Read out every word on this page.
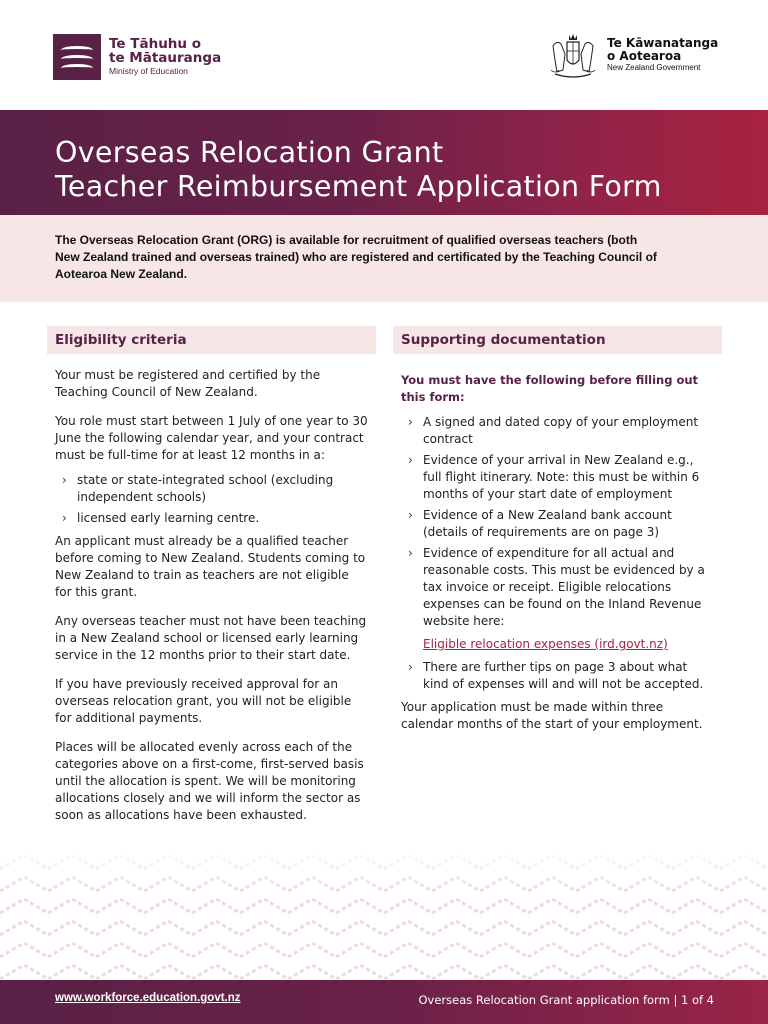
Te Tāhuhu o
te Mātauranga
Ministry of Education
Te Kāwanatanga
o Aotearoa
New Zealand Government
Overseas Relocation Grant
Teacher Reimbursement Application Form

The Overseas Relocation Grant (ORG) is available for recruitment of qualified overseas teachers (both New Zealand trained and overseas trained) who are registered and certificated by the Teaching Council of Aotearoa New Zealand.

Eligibility criteria

Your must be registered and certified by the Teaching Council of New Zealand.

You role must start between 1 July of one year to 30 June the following calendar year, and your contract must be full-time for at least 12 months in a:

› state or state-integrated school (excluding independent schools)
› licensed early learning centre.

An applicant must already be a qualified teacher before coming to New Zealand. Students coming to New Zealand to train as teachers are not eligible for this grant.

Any overseas teacher must not have been teaching in a New Zealand school or licensed early learning service in the 12 months prior to their start date.

If you have previously received approval for an overseas relocation grant, you will not be eligible for additional payments.

Places will be allocated evenly across each of the categories above on a first-come, first-served basis until the allocation is spent. We will be monitoring allocations closely and we will inform the sector as soon as allocations have been exhausted.

Supporting documentation

You must have the following before filling out this form:

› A signed and dated copy of your employment contract
› Evidence of your arrival in New Zealand e.g., full flight itinerary. Note: this must be within 6 months of your start date of employment
› Evidence of a New Zealand bank account (details of requirements are on page 3)
› Evidence of expenditure for all actual and reasonable costs. This must be evidenced by a tax invoice or receipt. Eligible relocations expenses can be found on the Inland Revenue website here:
Eligible relocation expenses (ird.govt.nz)
› There are further tips on page 3 about what kind of expenses will and will not be accepted.

Your application must be made within three calendar months of the start of your employment.

www.workforce.education.govt.nz	Overseas Relocation Grant application form | 1 of 4
